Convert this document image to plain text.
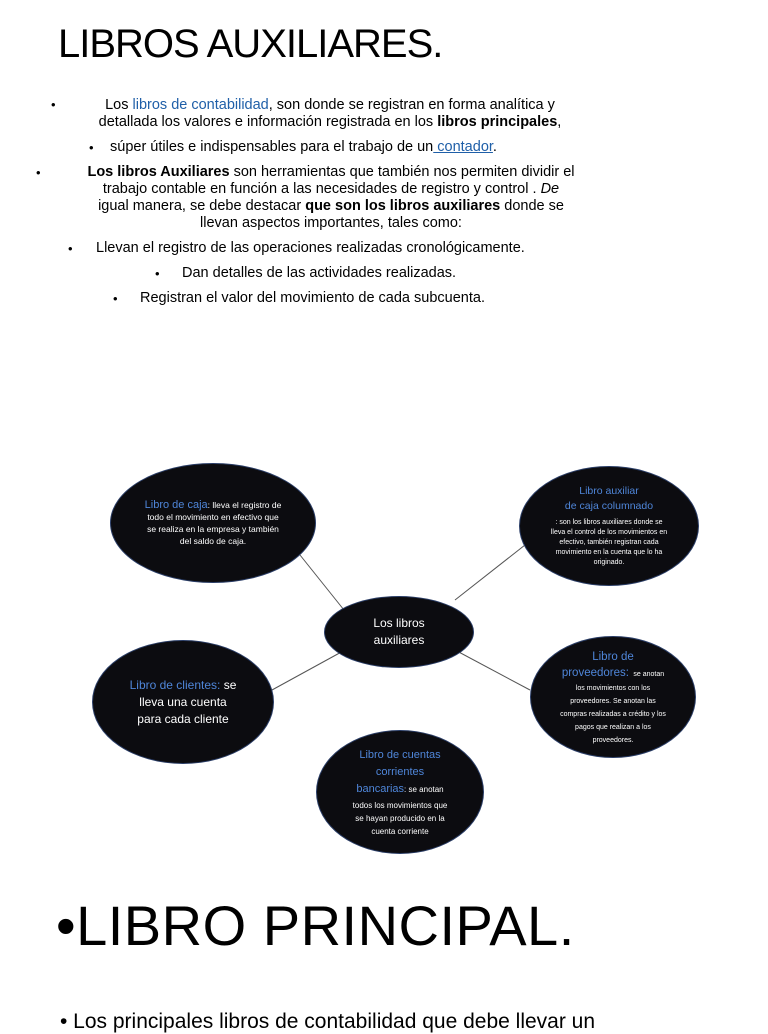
LIBROS AUXILIARES.
•	Los libros de contabilidad, son donde se registran en forma analítica y
detallada los valores e información registrada en los libros principales,
• súper útiles e indispensables para el trabajo de un contador.
•	Los libros Auxiliares son herramientas que también nos permiten dividir el
trabajo contable en función a las necesidades de registro y control . De
igual manera, se debe destacar que son los libros auxiliares donde se
llevan aspectos importantes, tales como:
• Llevan el registro de las operaciones realizadas cronológicamente.
• Dan detalles de las actividades realizadas.
• Registran el valor del movimiento de cada subcuenta.
Los libros auxiliares
Libro de caja: lleva el registro de todo el movimiento en efectivo que se realiza en la empresa y también del saldo de caja.
Libro auxiliar
de caja columnado
: son los libros auxiliares donde se lleva el control de los movimientos en efectivo, también registran cada movimiento en la cuenta que lo ha originado.
Libro de clientes: se lleva una cuenta para cada cliente
Libro de proveedores: se anotan los movimientos con los proveedores. Se anotan las compras realizadas a crédito y los pagos que realizan a los proveedores.
Libro de cuentas corrientes bancarias: se anotan todos los movimientos que se hayan producido en la cuenta corriente
•LIBRO PRINCIPAL.
• Los principales libros de contabilidad que debe llevar un
